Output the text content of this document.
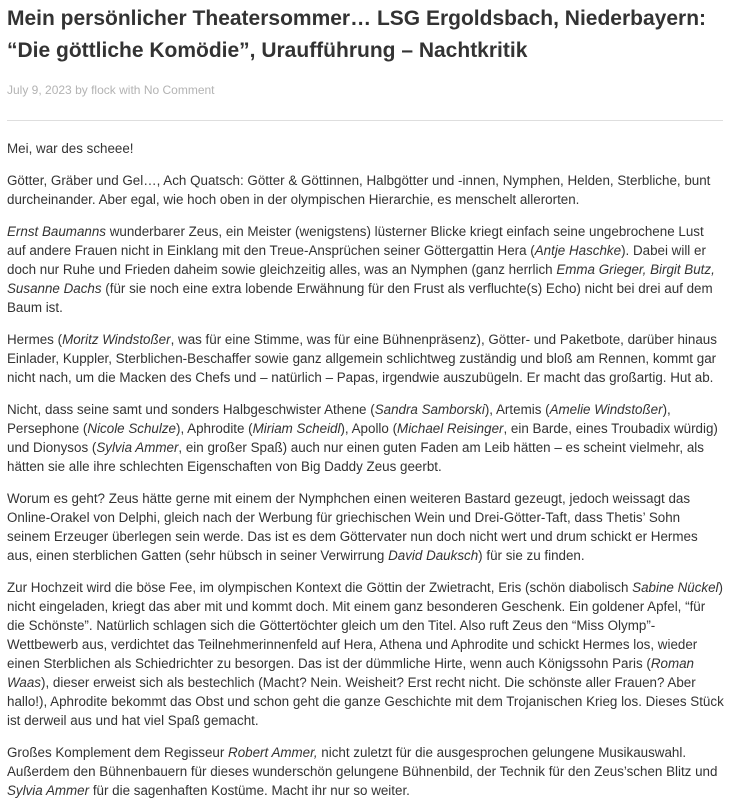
Mein persönlicher Theatersommer… LSG Ergoldsbach, Niederbayern: “Die göttliche Komödie”, Uraufführung – Nachtkritik
July 9, 2023 by flock with No Comment

Mei, war des scheee!

Götter, Gräber und Gel…, Ach Quatsch: Götter & Göttinnen, Halbgötter und -innen, Nymphen, Helden, Sterbliche, bunt durcheinander. Aber egal, wie hoch oben in der olympischen Hierarchie, es menschelt allerorten.

Ernst Baumanns wunderbarer Zeus, ein Meister (wenigstens) lüsterner Blicke kriegt einfach seine ungebrochene Lust auf andere Frauen nicht in Einklang mit den Treue-Ansprüchen seiner Göttergattin Hera (Antje Haschke). Dabei will er doch nur Ruhe und Frieden daheim sowie gleichzeitig alles, was an Nymphen (ganz herrlich Emma Grieger, Birgit Butz, Susanne Dachs (für sie noch eine extra lobende Erwähnung für den Frust als verfluchte(s) Echo) nicht bei drei auf dem Baum ist.

Hermes (Moritz Windstoßer, was für eine Stimme, was für eine Bühnenpräsenz), Götter- und Paketbote, darüber hinaus Einlader, Kuppler, Sterblichen-Beschaffer sowie ganz allgemein schlichtweg zuständig und bloß am Rennen, kommt gar nicht nach, um die Macken des Chefs und – natürlich – Papas, irgendwie auszubügeln. Er macht das großartig. Hut ab.

Nicht, dass seine samt und sonders Halbgeschwister Athene (Sandra Samborski), Artemis (Amelie Windstoßer), Persephone (Nicole Schulze), Aphrodite (Miriam Scheidl), Apollo (Michael Reisinger, ein Barde, eines Troubadix würdig) und Dionysos (Sylvia Ammer, ein großer Spaß) auch nur einen guten Faden am Leib hätten – es scheint vielmehr, als hätten sie alle ihre schlechten Eigenschaften von Big Daddy Zeus geerbt.

Worum es geht? Zeus hätte gerne mit einem der Nymphchen einen weiteren Bastard gezeugt, jedoch weissagt das Online-Orakel von Delphi, gleich nach der Werbung für griechischen Wein und Drei-Götter-Taft, dass Thetis’ Sohn seinem Erzeuger überlegen sein werde. Das ist es dem Göttervater nun doch nicht wert und drum schickt er Hermes aus, einen sterblichen Gatten (sehr hübsch in seiner Verwirrung David Dauksch) für sie zu finden.

Zur Hochzeit wird die böse Fee, im olympischen Kontext die Göttin der Zwietracht, Eris (schön diabolisch Sabine Nückel) nicht eingeladen, kriegt das aber mit und kommt doch. Mit einem ganz besonderen Geschenk. Ein goldener Apfel, “für die Schönste”. Natürlich schlagen sich die Göttertöchter gleich um den Titel. Also ruft Zeus den “Miss Olymp”-Wettbewerb aus, verdichtet das Teilnehmerinnenfeld auf Hera, Athena und Aphrodite und schickt Hermes los, wieder einen Sterblichen als Schiedrichter zu besorgen. Das ist der dümmliche Hirte, wenn auch Königssohn Paris (Roman Waas), dieser erweist sich als bestechlich (Macht? Nein. Weisheit? Erst recht nicht. Die schönste aller Frauen? Aber hallo!), Aphrodite bekommt das Obst und schon geht die ganze Geschichte mit dem Trojanischen Krieg los. Dieses Stück ist derweil aus und hat viel Spaß gemacht.

Großes Komplement dem Regisseur Robert Ammer, nicht zuletzt für die ausgesprochen gelungene Musikauswahl. Außerdem den Bühnenbauern für dieses wunderschön gelungene Bühnenbild, der Technik für den Zeus’schen Blitz und Sylvia Ammer für die sagenhaften Kostüme. Macht ihr nur so weiter.
